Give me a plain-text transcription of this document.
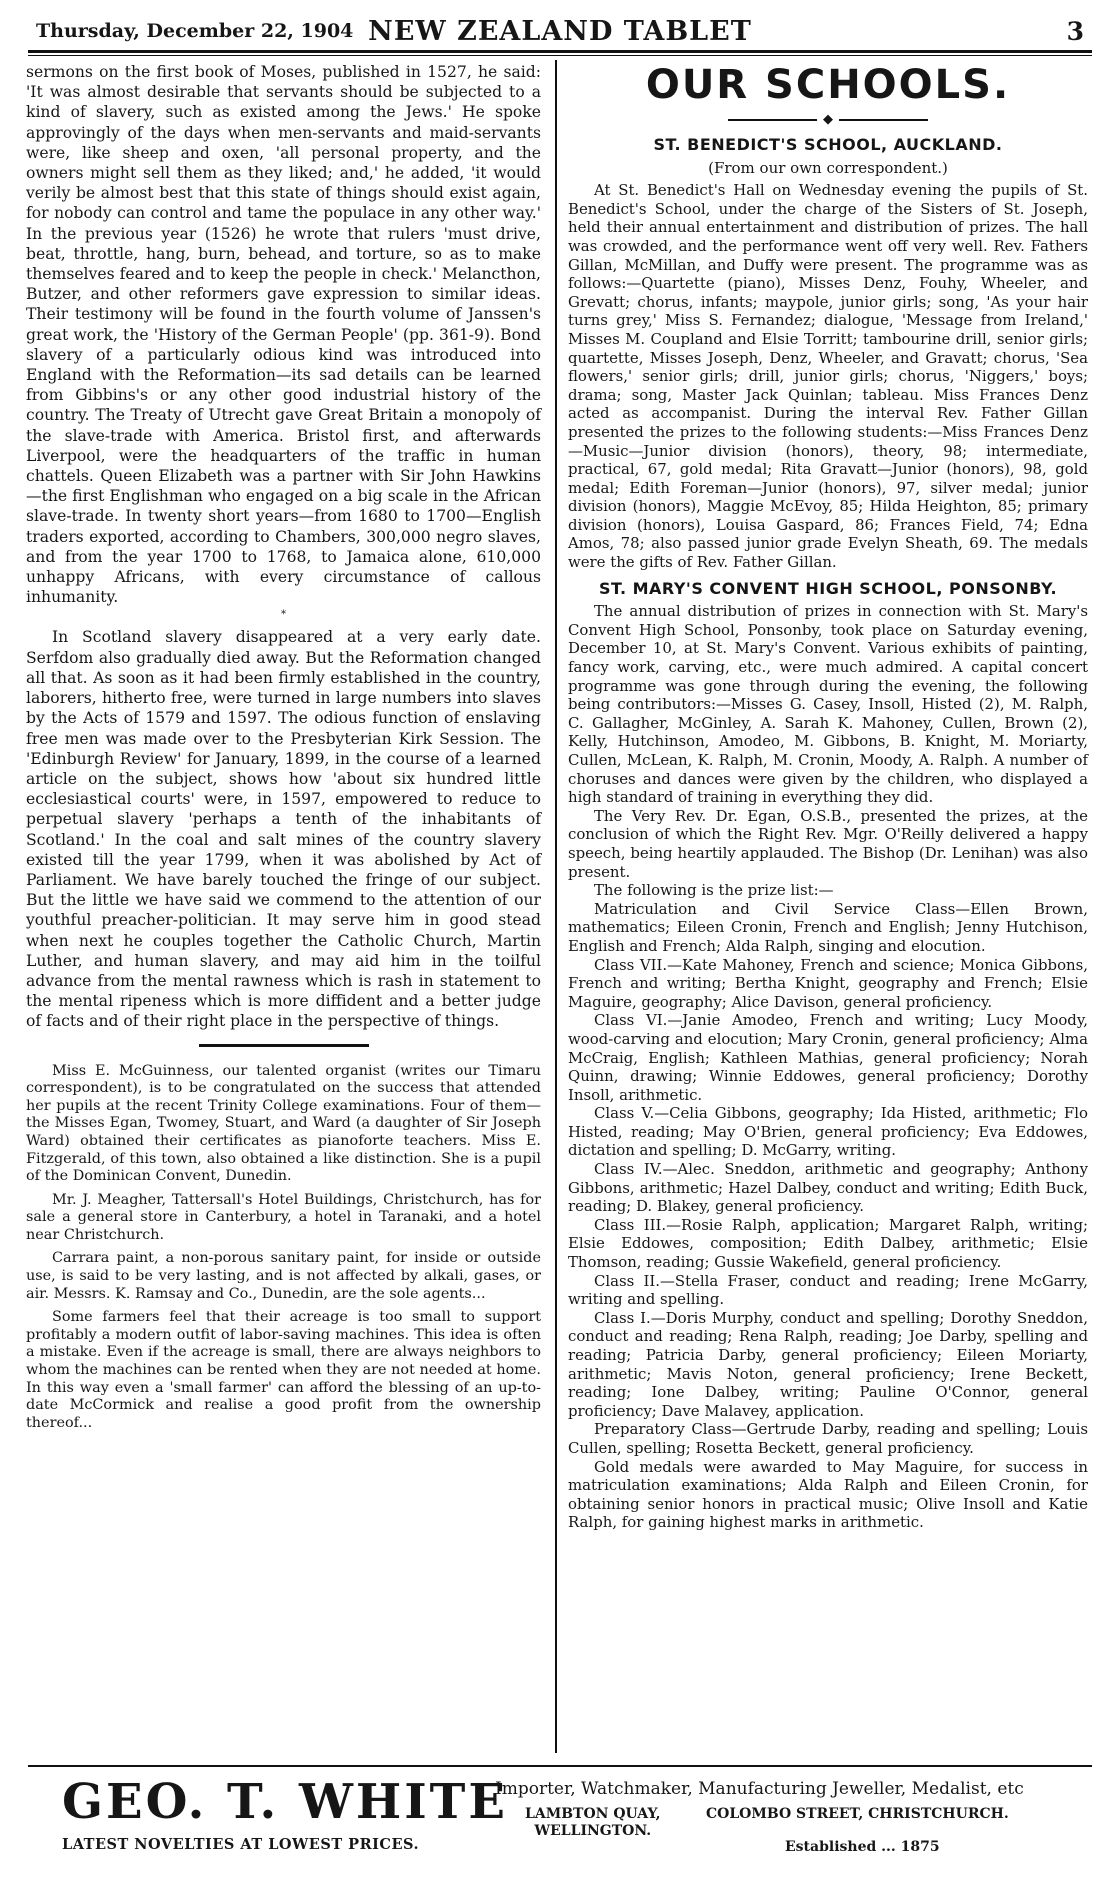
Thursday, December 22, 1904 NEW ZEALAND TABLET	3

sermons on the first book of Moses, published in 1527, he said: 'It was almost desirable that servants should be subjected to a kind of slavery, such as existed among the Jews.' He spoke approvingly of the days when men-servants and maid-servants were, like sheep and oxen, 'all personal property, and the owners might sell them as they liked; and,' he added, 'it would verily be almost best that this state of things should exist again, for nobody can control and tame the populace in any other way.' In the previous year (1526) he wrote that rulers 'must drive, beat, throttle, hang, burn, behead, and torture, so as to make themselves feared and to keep the people in check.' Melancthon, Butzer, and other reformers gave expression to similar ideas. Their testimony will be found in the fourth volume of Janssen's great work, the 'History of the German People' (pp. 361-9). Bond slavery of a particularly odious kind was introduced into England with the Reformation—its sad details can be learned from Gibbins's or any other good industrial history of the country. The Treaty of Utrecht gave Great Britain a monopoly of the slave-trade with America. Bristol first, and afterwards Liverpool, were the headquarters of the traffic in human chattels. Queen Elizabeth was a partner with Sir John Hawkins—the first Englishman who engaged on a big scale in the African slave-trade. In twenty short years—from 1680 to 1700—English traders exported, according to Chambers, 300,000 negro slaves, and from the year 1700 to 1768, to Jamaica alone, 610,000 unhappy Africans, with every circumstance of callous inhumanity.

*

In Scotland slavery disappeared at a very early date. Serfdom also gradually died away. But the Reformation changed all that. As soon as it had been firmly established in the country, laborers, hitherto free, were turned in large numbers into slaves by the Acts of 1579 and 1597. The odious function of enslaving free men was made over to the Presbyterian Kirk Session. The 'Edinburgh Review' for January, 1899, in the course of a learned article on the subject, shows how 'about six hundred little ecclesiastical courts' were, in 1597, empowered to reduce to perpetual slavery 'perhaps a tenth of the inhabitants of Scotland.' In the coal and salt mines of the country slavery existed till the year 1799, when it was abolished by Act of Parliament. We have barely touched the fringe of our subject. But the little we have said we commend to the attention of our youthful preacher-politician. It may serve him in good stead when next he couples together the Catholic Church, Martin Luther, and human slavery, and may aid him in the toilful advance from the mental rawness which is rash in statement to the mental ripeness which is more diffident and a better judge of facts and of their right place in the perspective of things.

Miss E. McGuinness, our talented organist (writes our Timaru correspondent), is to be congratulated on the success that attended her pupils at the recent Trinity College examinations. Four of them—the Misses Egan, Twomey, Stuart, and Ward (a daughter of Sir Joseph Ward) obtained their certificates as pianoforte teachers. Miss E. Fitzgerald, of this town, also obtained a like distinction. She is a pupil of the Dominican Convent, Dunedin.

Mr. J. Meagher, Tattersall's Hotel Buildings, Christchurch, has for sale a general store in Canterbury, a hotel in Taranaki, and a hotel near Christchurch.

Carrara paint, a non-porous sanitary paint, for inside or outside use, is said to be very lasting, and is not affected by alkali, gases, or air. Messrs. K. Ramsay and Co., Dunedin, are the sole agents...

Some farmers feel that their acreage is too small to support profitably a modern outfit of labor-saving machines. This idea is often a mistake. Even if the acreage is small, there are always neighbors to whom the machines can be rented when they are not needed at home. In this way even a 'small farmer' can afford the blessing of an up-to-date McCormick and realise a good profit from the ownership thereof...

OUR SCHOOLS.
◆
ST. BENEDICT'S SCHOOL, AUCKLAND.
(From our own correspondent.)

At St. Benedict's Hall on Wednesday evening the pupils of St. Benedict's School, under the charge of the Sisters of St. Joseph, held their annual entertainment and distribution of prizes. The hall was crowded, and the performance went off very well. Rev. Fathers Gillan, McMillan, and Duffy were present. The programme was as follows:—Quartette (piano), Misses Denz, Fouhy, Wheeler, and Grevatt; chorus, infants; maypole, junior girls; song, 'As your hair turns grey,' Miss S. Fernandez; dialogue, 'Message from Ireland,' Misses M. Coupland and Elsie Torritt; tambourine drill, senior girls; quartette, Misses Joseph, Denz, Wheeler, and Gravatt; chorus, 'Sea flowers,' senior girls; drill, junior girls; chorus, 'Niggers,' boys; drama; song, Master Jack Quinlan; tableau. Miss Frances Denz acted as accompanist. During the interval Rev. Father Gillan presented the prizes to the following students:—Miss Frances Denz—Music—Junior division (honors), theory, 98; intermediate, practical, 67, gold medal; Rita Gravatt—Junior (honors), 98, gold medal; Edith Foreman—Junior (honors), 97, silver medal; junior division (honors), Maggie McEvoy, 85; Hilda Heighton, 85; primary division (honors), Louisa Gaspard, 86; Frances Field, 74; Edna Amos, 78; also passed junior grade Evelyn Sheath, 69. The medals were the gifts of Rev. Father Gillan.

ST. MARY'S CONVENT HIGH SCHOOL, PONSONBY.

The annual distribution of prizes in connection with St. Mary's Convent High School, Ponsonby, took place on Saturday evening, December 10, at St. Mary's Convent. Various exhibits of painting, fancy work, carving, etc., were much admired. A capital concert programme was gone through during the evening, the following being contributors:—Misses G. Casey, Insoll, Histed (2), M. Ralph, C. Gallagher, McGinley, A. Sarah K. Mahoney, Cullen, Brown (2), Kelly, Hutchinson, Amodeo, M. Gibbons, B. Knight, M. Moriarty, Cullen, McLean, K. Ralph, M. Cronin, Moody, A. Ralph. A number of choruses and dances were given by the children, who displayed a high standard of training in everything they did.

The Very Rev. Dr. Egan, O.S.B., presented the prizes, at the conclusion of which the Right Rev. Mgr. O'Reilly delivered a happy speech, being heartily applauded. The Bishop (Dr. Lenihan) was also present.

The following is the prize list:—

Matriculation and Civil Service Class—Ellen Brown, mathematics; Eileen Cronin, French and English; Jenny Hutchison, English and French; Alda Ralph, singing and elocution.

Class VII.—Kate Mahoney, French and science; Monica Gibbons, French and writing; Bertha Knight, geography and French; Elsie Maguire, geography; Alice Davison, general proficiency.

Class VI.—Janie Amodeo, French and writing; Lucy Moody, wood-carving and elocution; Mary Cronin, general proficiency; Alma McCraig, English; Kathleen Mathias, general proficiency; Norah Quinn, drawing; Winnie Eddowes, general proficiency; Dorothy Insoll, arithmetic.

Class V.—Celia Gibbons, geography; Ida Histed, arithmetic; Flo Histed, reading; May O'Brien, general proficiency; Eva Eddowes, dictation and spelling; D. McGarry, writing.

Class IV.—Alec. Sneddon, arithmetic and geography; Anthony Gibbons, arithmetic; Hazel Dalbey, conduct and writing; Edith Buck, reading; D. Blakey, general proficiency.

Class III.—Rosie Ralph, application; Margaret Ralph, writing; Elsie Eddowes, composition; Edith Dalbey, arithmetic; Elsie Thomson, reading; Gussie Wakefield, general proficiency.

Class II.—Stella Fraser, conduct and reading; Irene McGarry, writing and spelling.

Class I.—Doris Murphy, conduct and spelling; Dorothy Sneddon, conduct and reading; Rena Ralph, reading; Joe Darby, spelling and reading; Patricia Darby, general proficiency; Eileen Moriarty, arithmetic; Mavis Noton, general proficiency; Irene Beckett, reading; Ione Dalbey, writing; Pauline O'Connor, general proficiency; Dave Malavey, application.

Preparatory Class—Gertrude Darby, reading and spelling; Louis Cullen, spelling; Rosetta Beckett, general proficiency.

Gold medals were awarded to May Maguire, for success in matriculation examinations; Alda Ralph and Eileen Cronin, for obtaining senior honors in practical music; Olive Insoll and Katie Ralph, for gaining highest marks in arithmetic.

GEO. T. WHITE
LATEST NOVELTIES AT LOWEST PRICES.
Importer, Watchmaker, Manufacturing Jeweller, Medalist, etc
LAMBTON QUAY,
WELLINGTON.
COLOMBO STREET, CHRISTCHURCH.
Established ... 1875
